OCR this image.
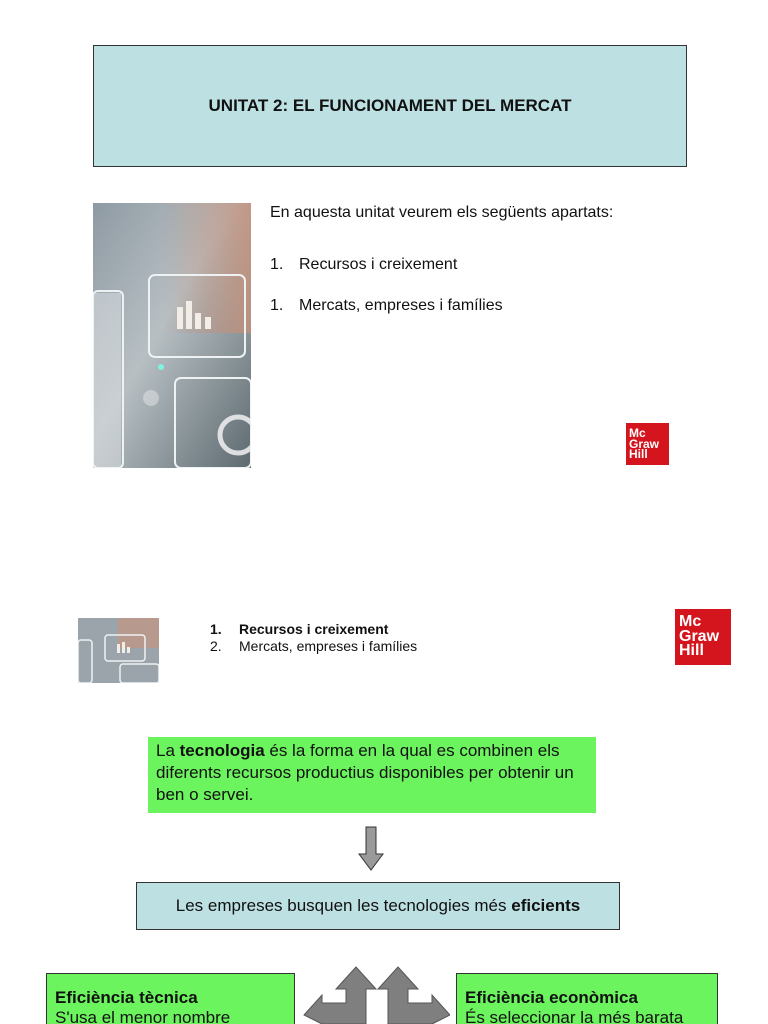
UNITAT 2: EL FUNCIONAMENT DEL MERCAT
En aquesta unitat veurem els següents apartats:
1. Recursos i creixement
1. Mercats, empreses i famílies
Mc
Graw
Hill
1. Recursos i creixement
2. Mercats, empreses i famílies
Mc
Graw
Hill
La tecnologia és la forma en la qual es combinen els diferents recursos productius disponibles per obtenir un ben o servei.
Les empreses busquen les tecnologies més eficients
Eficiència tècnica
S'usa el menor nombre
Eficiència econòmica
És seleccionar la més barata
